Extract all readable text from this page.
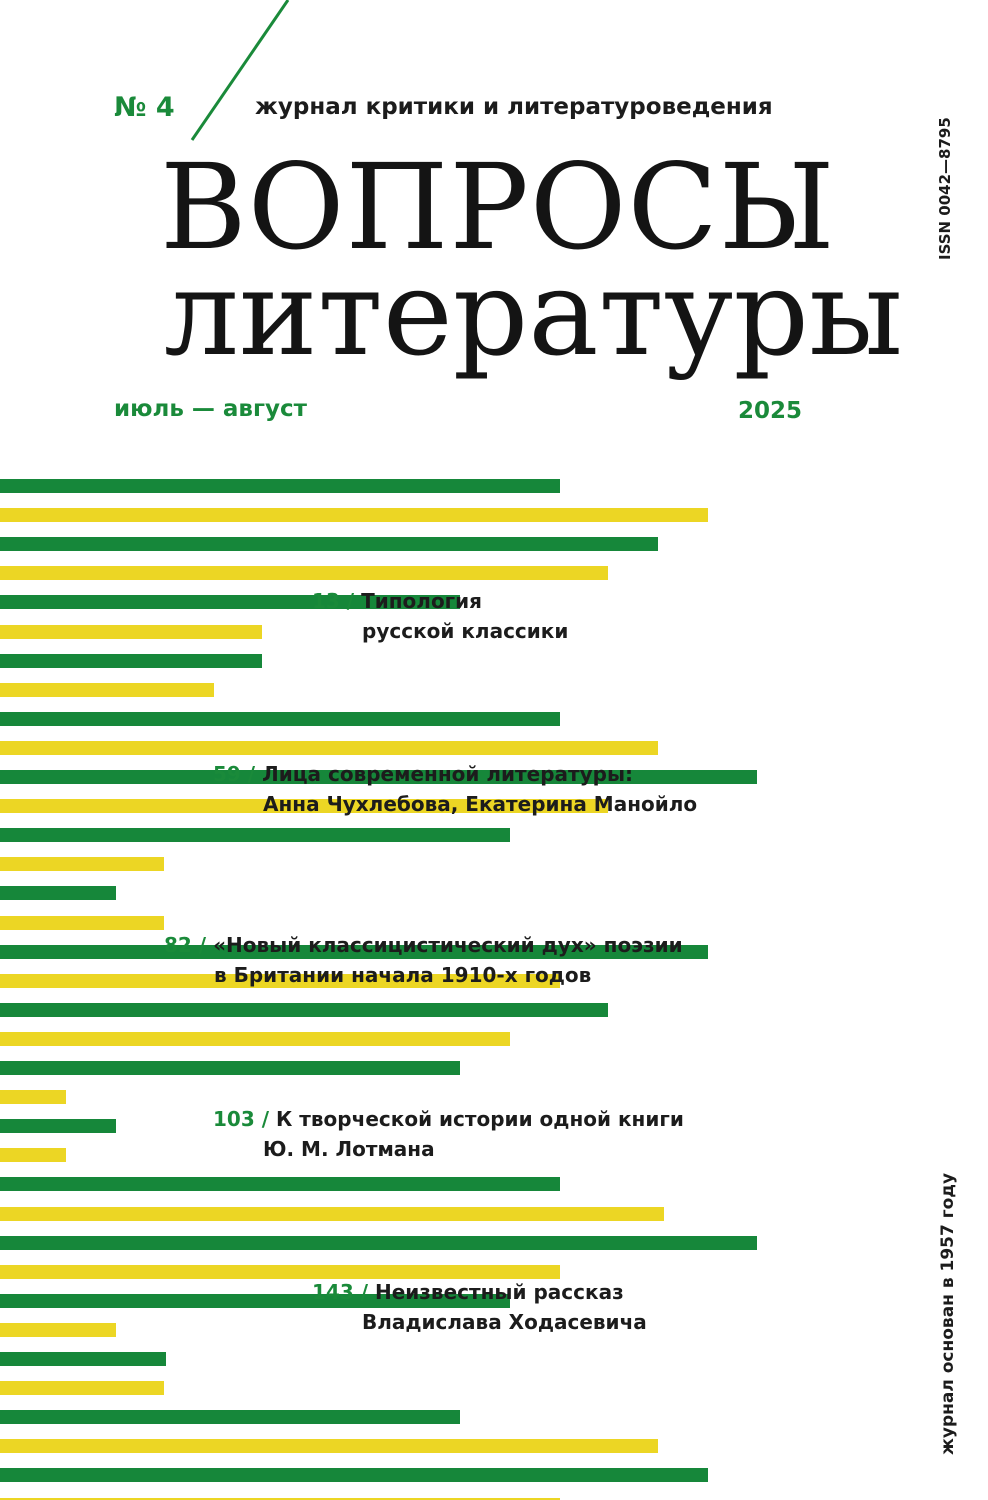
№ 4	журнал критики и литературоведения
ВОПРОСЫ
литературы
ISSN 0042—8795
июль — август	2025
13 / Типология
русской классики
59 / Лица современной литературы:
Анна Чухлебова, Екатерина Манойло
82 / «Новый классицистический дух» поэзии
в Британии начала 1910-х годов
103 / К творческой истории одной книги
Ю. М. Лотмана
143 / Неизвестный рассказ
Владислава Ходасевича	журнал основан в 1957 году
